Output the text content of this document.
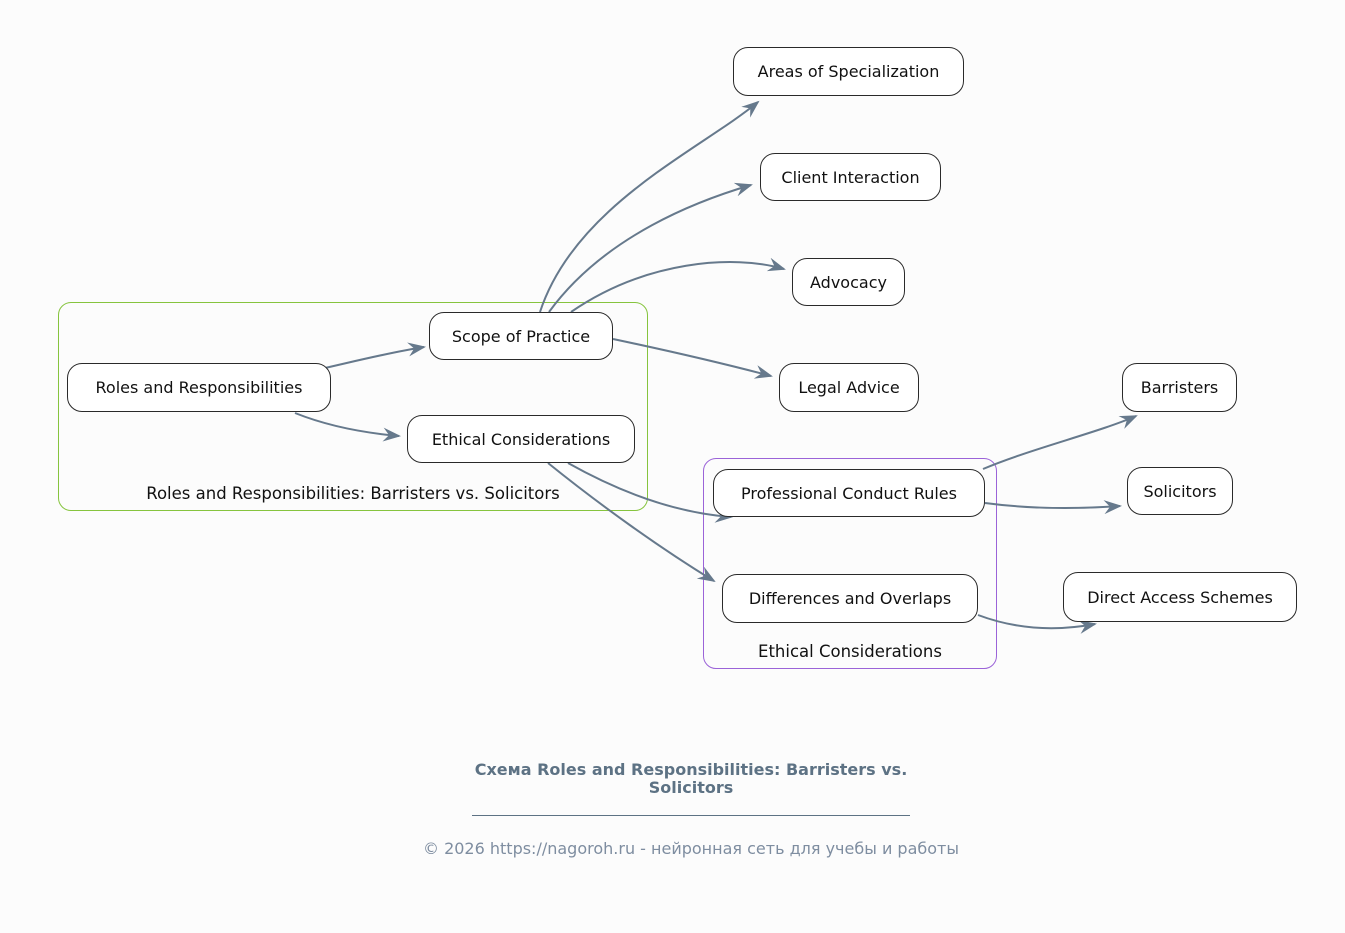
Roles and Responsibilities: Barristers vs. Solicitors
Ethical Considerations
Areas of Specialization
Client Interaction
Advocacy
Legal Advice
Scope of Practice
Roles and Responsibilities
Ethical Considerations
Professional Conduct Rules
Differences and Overlaps
Barristers
Solicitors
Direct Access Schemes
Схема Roles and Responsibilities: Barristers vs. Solicitors
© 2026 https://nagoroh.ru - нейронная сеть для учебы и работы
